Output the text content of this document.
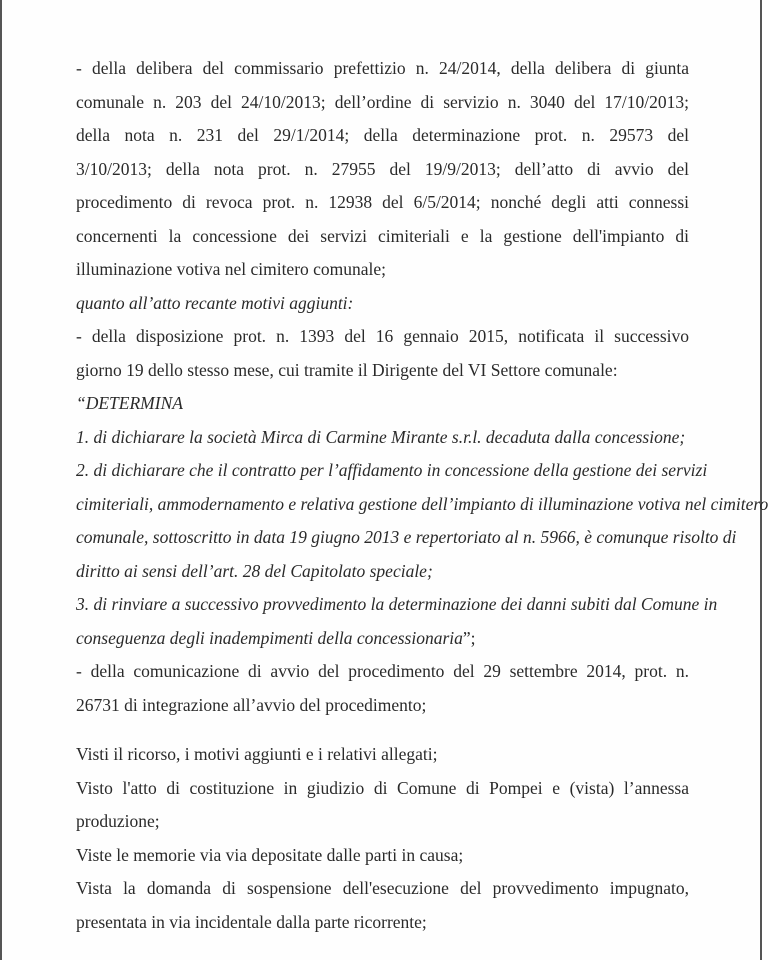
- della delibera del commissario prefettizio n. 24/2014, della delibera di giunta
comunale n. 203 del 24/10/2013; dell’ordine di servizio n. 3040 del 17/10/2013;
della nota n. 231 del 29/1/2014; della determinazione prot. n. 29573 del
3/10/2013; della nota prot. n. 27955 del 19/9/2013; dell’atto di avvio del
procedimento di revoca prot. n. 12938 del 6/5/2014; nonché degli atti connessi
concernenti la concessione dei servizi cimiteriali e la gestione dell'impianto di
illuminazione votiva nel cimitero comunale;
quanto all’atto recante motivi aggiunti:
- della disposizione prot. n. 1393 del 16 gennaio 2015, notificata il successivo
giorno 19 dello stesso mese, cui tramite il Dirigente del VI Settore comunale:
“DETERMINA
1. di dichiarare la società Mirca di Carmine Mirante s.r.l. decaduta dalla concessione;
2. di dichiarare che il contratto per l’affidamento in concessione della gestione dei servizi
cimiteriali, ammodernamento e relativa gestione dell’impianto di illuminazione votiva nel cimitero
comunale, sottoscritto in data 19 giugno 2013 e repertoriato al n. 5966, è comunque risolto di
diritto ai sensi dell’art. 28 del Capitolato speciale;
3. di rinviare a successivo provvedimento la determinazione dei danni subiti dal Comune in
conseguenza degli inadempimenti della concessionaria”;
- della comunicazione di avvio del procedimento del 29 settembre 2014, prot. n.
26731 di integrazione all’avvio del procedimento;
Visti il ricorso, i motivi aggiunti e i relativi allegati;
Visto l'atto di costituzione in giudizio di Comune di Pompei e (vista) l’annessa
produzione;
Viste le memorie via via depositate dalle parti in causa;
Vista la domanda di sospensione dell'esecuzione del provvedimento impugnato,
presentata in via incidentale dalla parte ricorrente;
